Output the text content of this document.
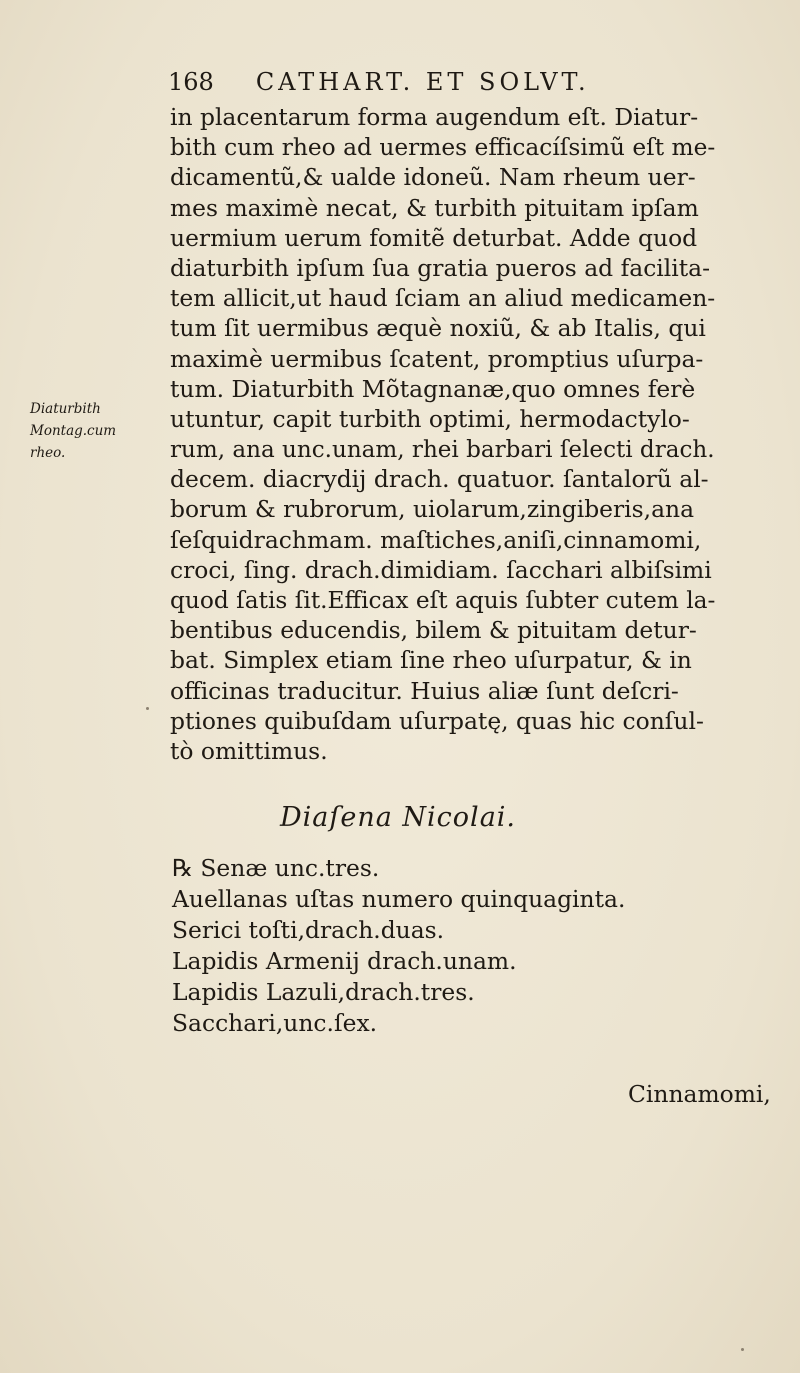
168 CATHART. ET SOLVT.
Diaturbith
Montag.cum
rheo.
in placentarum forma augendum eſt. Diatur-
bith cum rheo ad uermes efficacíſsimũ eſt me-
dicamentũ,& ualde idoneũ. Nam rheum uer-
mes maximè necat, & turbith pituitam ipſam
uermium uerum fomitẽ deturbat. Adde quod
diaturbith ipſum ſua gratia pueros ad facilita-
tem allicit,ut haud ſciam an aliud medicamen-
tum ſit uermibus æquè noxiũ, & ab Italis, qui
maximè uermibus ſcatent, promptius uſurpa-
tum. Diaturbith Mõtagnanæ,quo omnes ferè
utuntur, capit turbith optimi, hermodactylo-
rum, ana unc.unam, rhei barbari ſelecti drach.
decem. diacrydij drach. quatuor. ſantalorũ al-
borum & rubrorum, uiolarum,zingiberis,ana
ſeſquidrachmam. maſtiches,aniſi,cinnamomi,
croci, ſing. drach.dimidiam. ſacchari albiſsimi
quod ſatis ſit.Efficax eſt aquis ſubter cutem la-
bentibus educendis, bilem & pituitam detur-
bat. Simplex etiam ſine rheo uſurpatur, & in
officinas traducitur. Huius aliæ ſunt deſcri-
ptiones quibuſdam uſurpatę, quas hic conſul-
tò omittimus.
Diaſena Nicolai.
℞ Senæ unc.tres.
Auellanas uſtas numero quinquaginta.
Serici toſti,drach.duas.
Lapidis Armenij drach.unam.
Lapidis Lazuli,drach.tres.
Sacchari,unc.ſex.
Cinnamomi,
